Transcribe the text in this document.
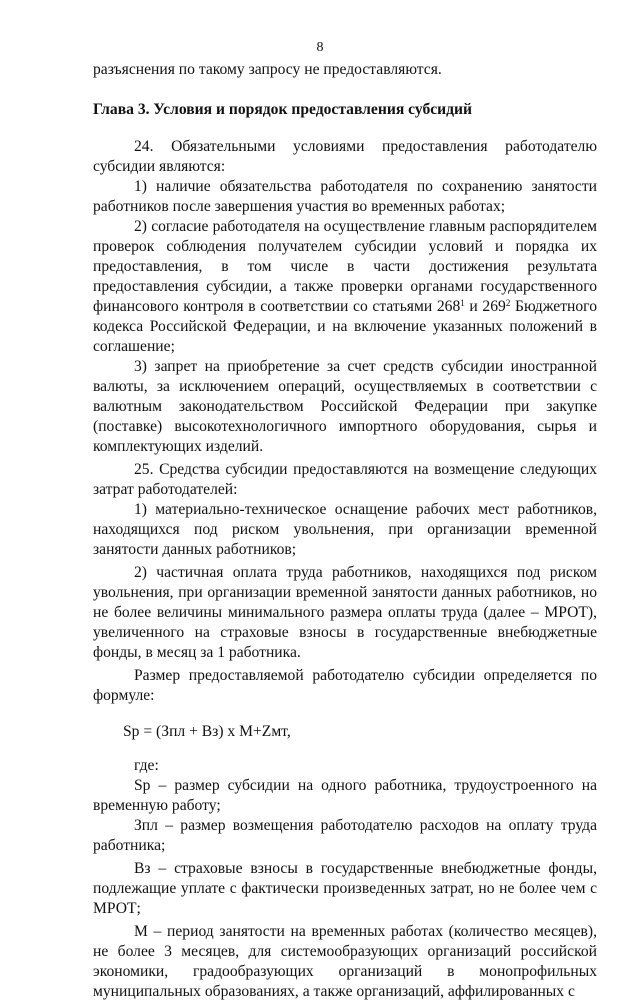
8

разъяснения по такому запросу не предоставляются.

Глава 3. Условия и порядок предоставления субсидий

24. Обязательными условиями предоставления работодателю субсидии являются:

1) наличие обязательства работодателя по сохранению занятости работников после завершения участия во временных работах;

2) согласие работодателя на осуществление главным распорядителем проверок соблюдения получателем субсидии условий и порядка их предоставления, в том числе в части достижения результата предоставления субсидии, а также проверки органами государственного финансового контроля в соответствии со статьями $268^1$ и $269^2$ Бюджетного кодекса Российской Федерации, и на включение указанных положений в соглашение;

3) запрет на приобретение за счет средств субсидии иностранной валюты, за исключением операций, осуществляемых в соответствии с валютным законодательством Российской Федерации при закупке (поставке) высокотехнологичного импортного оборудования, сырья и комплектующих изделий.

25. Средства субсидии предоставляются на возмещение следующих затрат работодателей:

1) материально-техническое оснащение рабочих мест работников, находящихся под риском увольнения, при организации временной занятости данных работников;

2) частичная оплата труда работников, находящихся под риском увольнения, при организации временной занятости данных работников, но не более величины минимального размера оплаты труда (далее – МРОТ), увеличенного на страховые взносы в государственные внебюджетные фонды, в месяц за 1 работника.

Размер предоставляемой работодателю субсидии определяется по формуле:

Sp = (Зпл + Вз) х M+Zмт,

где:

Sp – размер субсидии на одного работника, трудоустроенного на временную работу;

Зпл – размер возмещения работодателю расходов на оплату труда работника;

Вз – страховые взносы в государственные внебюджетные фонды, подлежащие уплате с фактически произведенных затрат, но не более чем с МРОТ;

M – период занятости на временных работах (количество месяцев), не более 3 месяцев, для системообразующих организаций российской экономики, градообразующих организаций в монопрофильных муниципальных образованиях, а также организаций, аффилированных с
